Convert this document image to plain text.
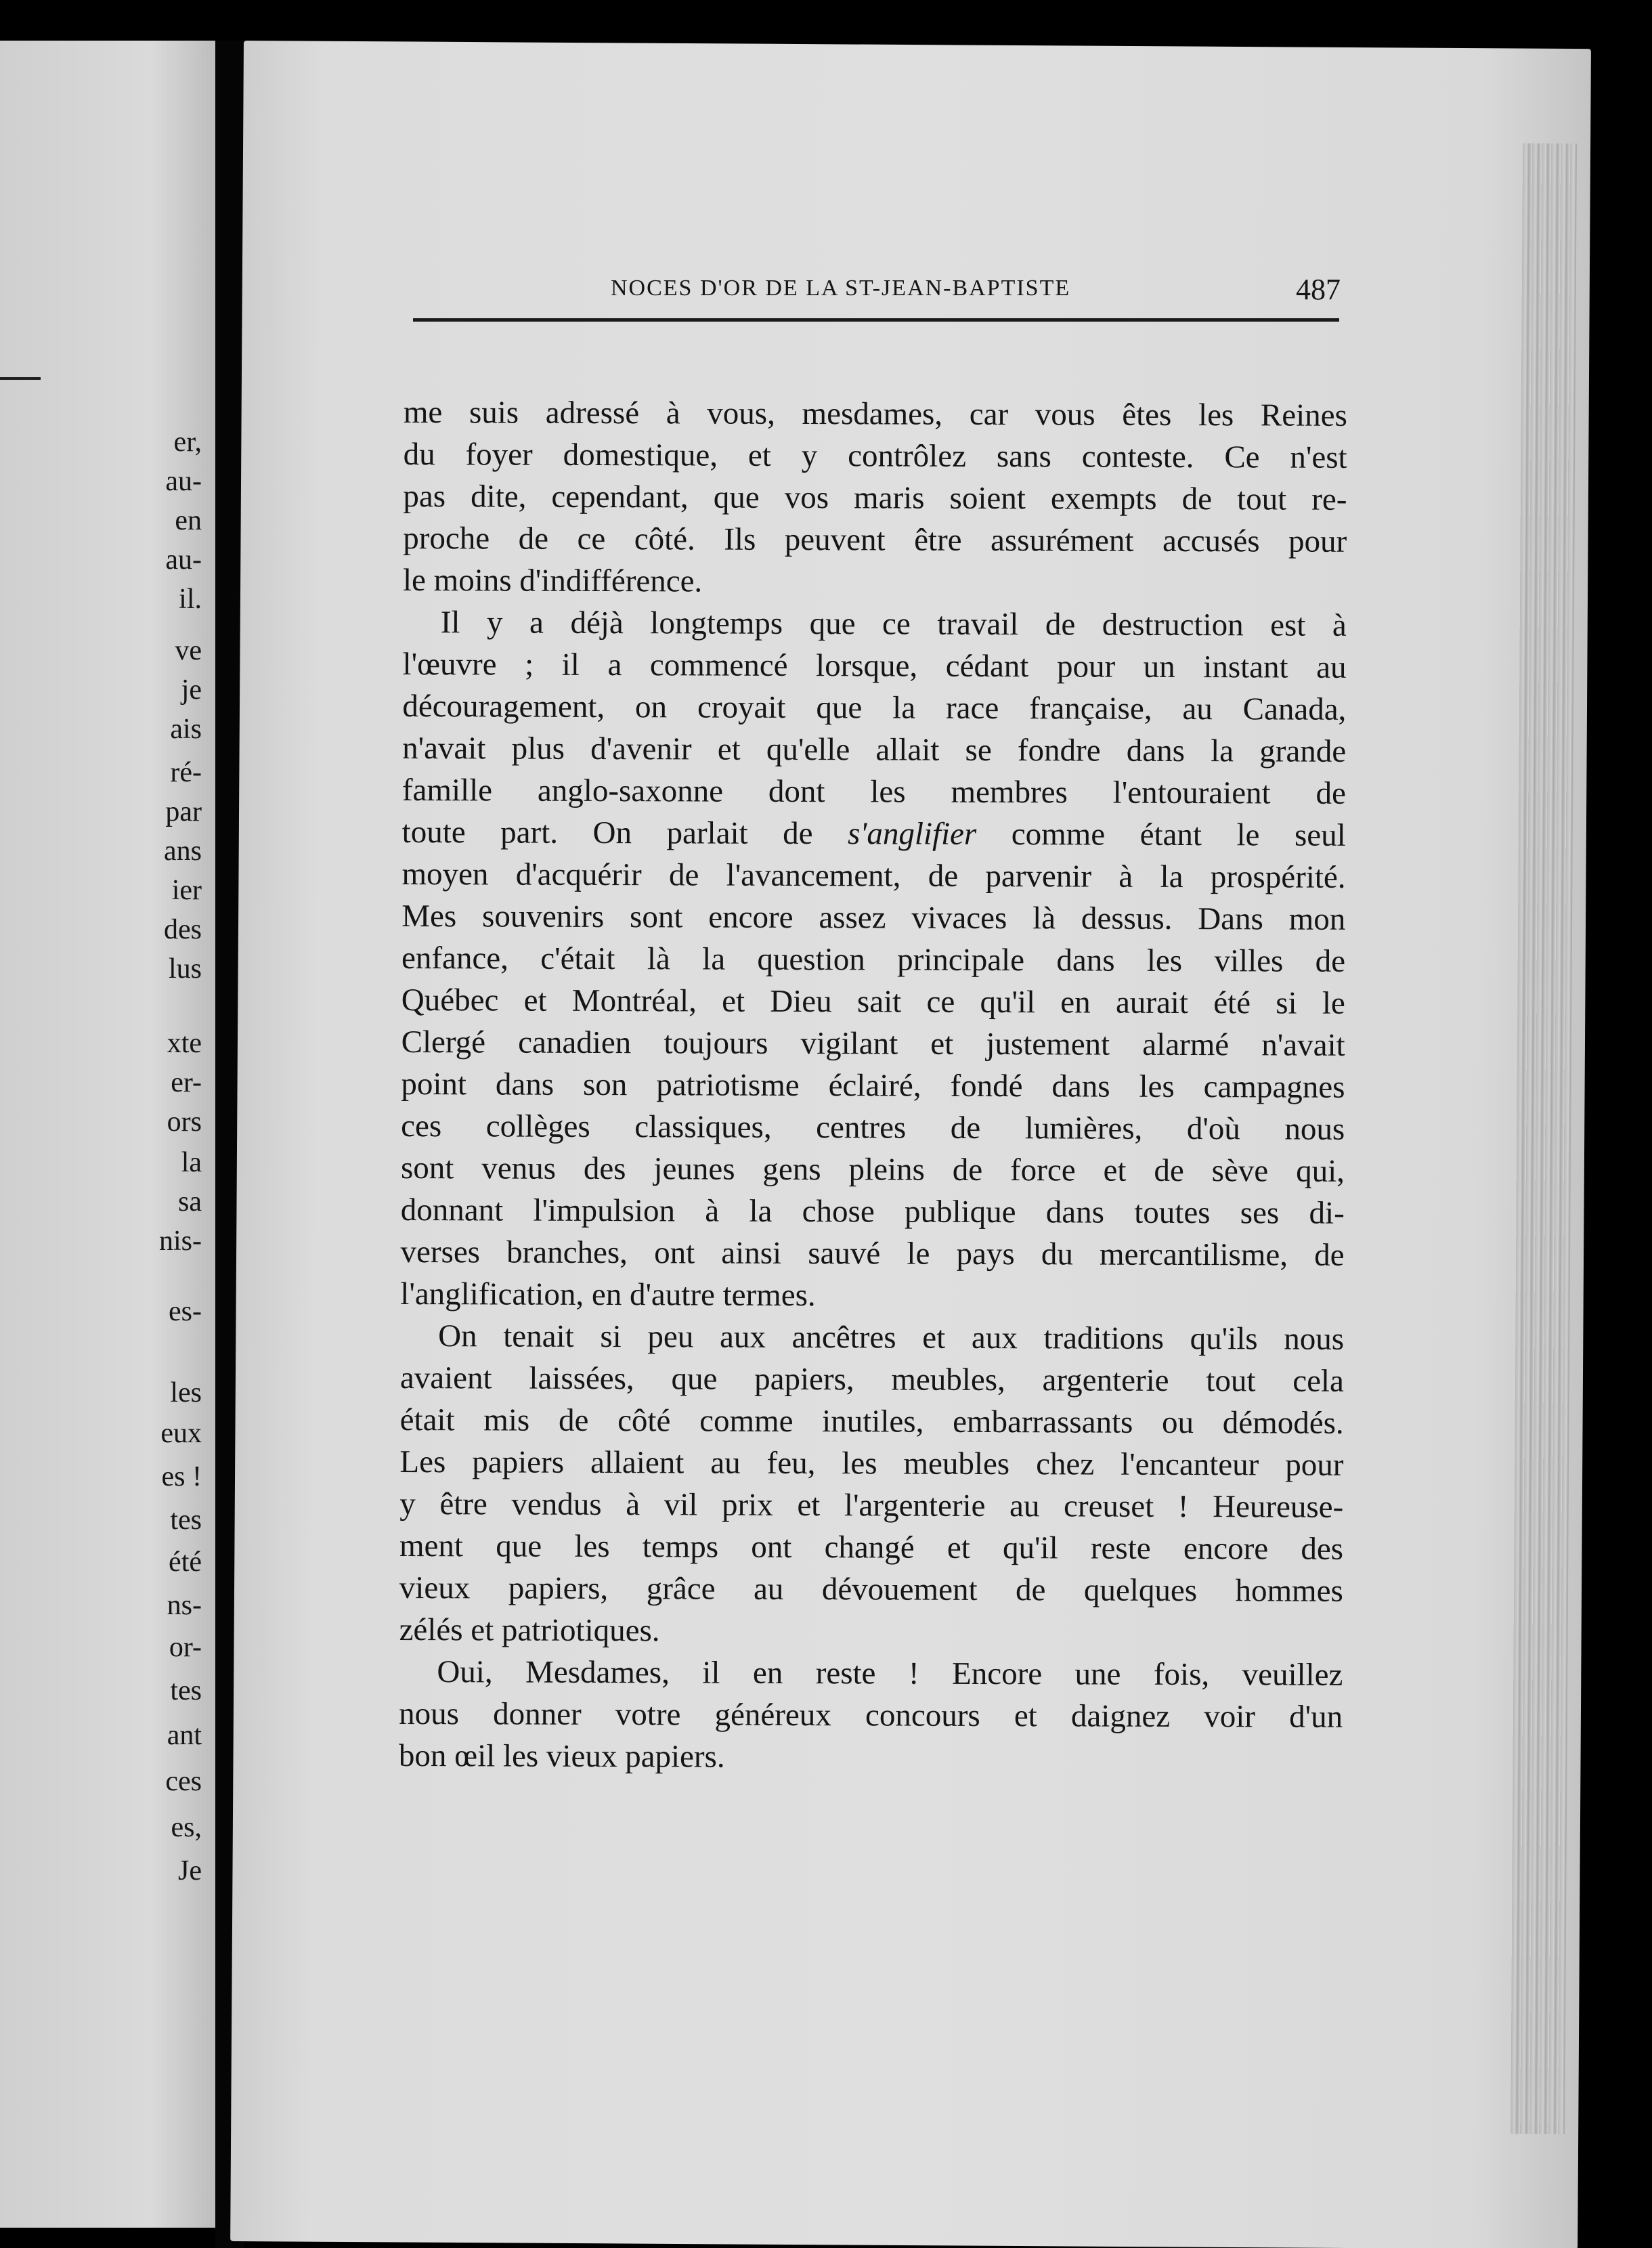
er,
au-
en
au-
il.
ve
je
ais
ré-
par
ans
ier
des
lus
xte
er-
ors
la
sa
nis-
es-
les
eux
es !
tes
été
ns-
or-
tes
ant
ces
es,
Je
NOCES D'OR DE LA ST-JEAN-BAPTISTE	487
me suis adressé à vous, mesdames, car vous êtes les Reines
du foyer domestique, et y contrôlez sans conteste. Ce n'est
pas dite, cependant, que vos maris soient exempts de tout re-
proche de ce côté. Ils peuvent être assurément accusés pour
le moins d'indifférence.
Il y a déjà longtemps que ce travail de destruction est à
l'œuvre ; il a commencé lorsque, cédant pour un instant au
découragement, on croyait que la race française, au Canada,
n'avait plus d'avenir et qu'elle allait se fondre dans la grande
famille anglo-saxonne dont les membres l'entouraient de
toute part. On parlait de s'anglifier comme étant le seul
moyen d'acquérir de l'avancement, de parvenir à la prospérité.
Mes souvenirs sont encore assez vivaces là dessus. Dans mon
enfance, c'était là la question principale dans les villes de
Québec et Montréal, et Dieu sait ce qu'il en aurait été si le
Clergé canadien toujours vigilant et justement alarmé n'avait
point dans son patriotisme éclairé, fondé dans les campagnes
ces collèges classiques, centres de lumières, d'où nous
sont venus des jeunes gens pleins de force et de sève qui,
donnant l'impulsion à la chose publique dans toutes ses di-
verses branches, ont ainsi sauvé le pays du mercantilisme, de
l'anglification, en d'autre termes.
On tenait si peu aux ancêtres et aux traditions qu'ils nous
avaient laissées, que papiers, meubles, argenterie tout cela
était mis de côté comme inutiles, embarrassants ou démodés.
Les papiers allaient au feu, les meubles chez l'encanteur pour
y être vendus à vil prix et l'argenterie au creuset ! Heureuse-
ment que les temps ont changé et qu'il reste encore des
vieux papiers, grâce au dévouement de quelques hommes
zélés et patriotiques.
Oui, Mesdames, il en reste ! Encore une fois, veuillez
nous donner votre généreux concours et daignez voir d'un
bon œil les vieux papiers.
